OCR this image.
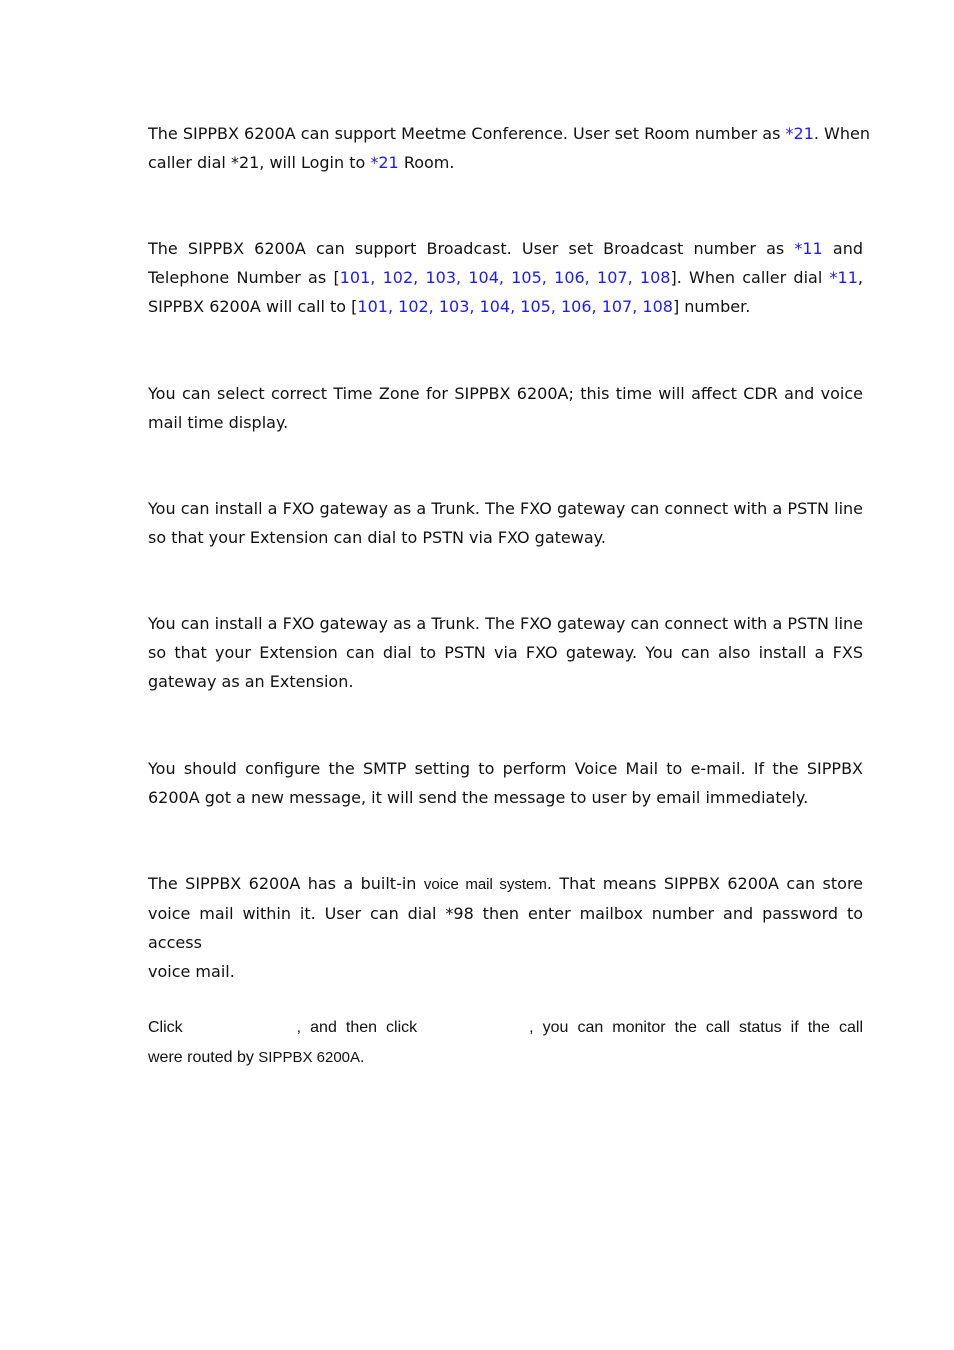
The SIPPBX 6200A can support Meetme Conference. User set Room number as *21. When
caller dial *21, will Login to *21 Room.
The SIPPBX 6200A can support Broadcast. User set Broadcast number as *11 and
Telephone Number as [101, 102, 103, 104, 105, 106, 107, 108]. When caller dial *11,
SIPPBX 6200A will call to [101, 102, 103, 104, 105, 106, 107, 108] number.
You can select correct Time Zone for SIPPBX 6200A; this time will affect CDR and voice
mail time display.
You can install a FXO gateway as a Trunk. The FXO gateway can connect with a PSTN line
so that your Extension can dial to PSTN via FXO gateway.
You can install a FXO gateway as a Trunk. The FXO gateway can connect with a PSTN line
so that your Extension can dial to PSTN via FXO gateway. You can also install a FXS
gateway as an Extension.
You should configure the SMTP setting to perform Voice Mail to e-mail. If the SIPPBX
6200A got a new message, it will send the message to user by email immediately.
The SIPPBX 6200A has a built-in voice mail system. That means SIPPBX 6200A can store
voice mail within it. User can dial *98 then enter mailbox number and password to access
voice mail.
Click	, and then click	, you can monitor the call status if the call
were routed by SIPPBX 6200A.
